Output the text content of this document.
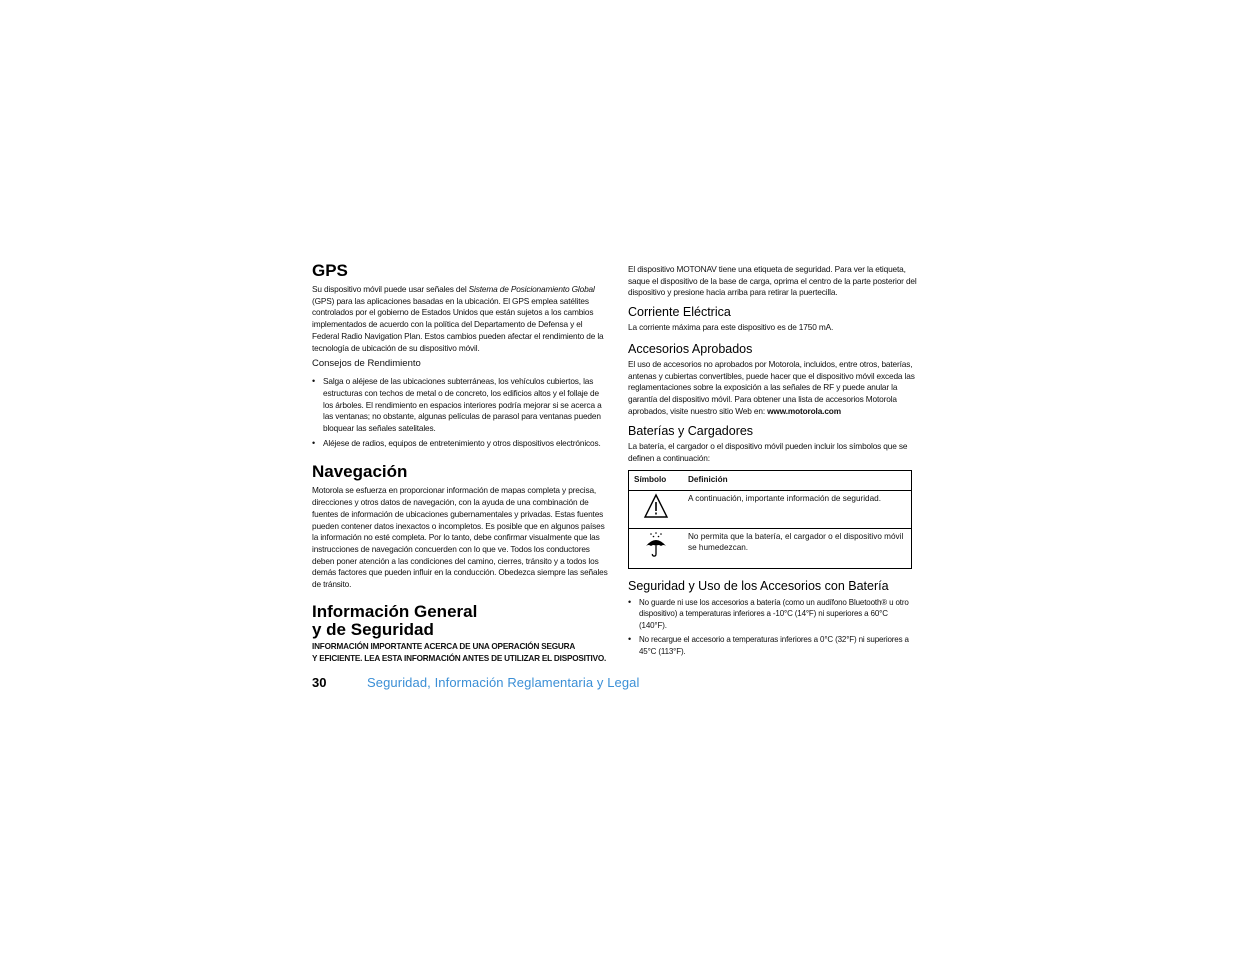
GPS

Su dispositivo móvil puede usar señales del Sistema de Posicionamiento Global (GPS) para las aplicaciones basadas en la ubicación. El GPS emplea satélites controlados por el gobierno de Estados Unidos que están sujetos a los cambios implementados de acuerdo con la política del Departamento de Defensa y el Federal Radio Navigation Plan. Estos cambios pueden afectar el rendimiento de la tecnología de ubicación de su dispositivo móvil.

Consejos de Rendimiento
• Salga o aléjese de las ubicaciones subterráneas, los vehículos cubiertos, las estructuras con techos de metal o de concreto, los edificios altos y el follaje de los árboles. El rendimiento en espacios interiores podría mejorar si se acerca a las ventanas; no obstante, algunas películas de parasol para ventanas pueden bloquear las señales satelitales.
• Aléjese de radios, equipos de entretenimiento y otros dispositivos electrónicos.
Navegación

Motorola se esfuerza en proporcionar información de mapas completa y precisa, direcciones y otros datos de navegación, con la ayuda de una combinación de fuentes de información de ubicaciones gubernamentales y privadas. Estas fuentes pueden contener datos inexactos o incompletos. Es posible que en algunos países la información no esté completa. Por lo tanto, debe confirmar visualmente que las instrucciones de navegación concuerden con lo que ve. Todos los conductores deben poner atención a las condiciones del camino, cierres, tránsito y a todos los demás factores que pueden influir en la conducción. Obedezca siempre las señales de tránsito.

Información General
y de Seguridad
INFORMACIÓN IMPORTANTE ACERCA DE UNA OPERACIÓN SEGURA
Y EFICIENTE. LEA ESTA INFORMACIÓN ANTES DE UTILIZAR EL DISPOSITIVO.

El dispositivo MOTONAV tiene una etiqueta de seguridad. Para ver la etiqueta, saque el dispositivo de la base de carga, oprima el centro de la parte posterior del dispositivo y presione hacia arriba para retirar la puertecilla.

Corriente Eléctrica

La corriente máxima para este dispositivo es de 1750 mA.

Accesorios Aprobados

El uso de accesorios no aprobados por Motorola, incluidos, entre otros, baterías, antenas y cubiertas convertibles, puede hacer que el dispositivo móvil exceda las reglamentaciones sobre la exposición a las señales de RF y puede anular la garantía del dispositivo móvil. Para obtener una lista de accesorios Motorola aprobados, visite nuestro sitio Web en: www.motorola.com

Baterías y Cargadores

La batería, el cargador o el dispositivo móvil pueden incluir los símbolos que se definen a continuación:

Símbolo	Definición
	A continuación, importante información de seguridad.
	No permita que la batería, el cargador o el dispositivo móvil se humedezcan.
Seguridad y Uso de los Accesorios con Batería
• No guarde ni use los accesorios a batería (como un audífono Bluetooth® u otro dispositivo) a temperaturas inferiores a -10°C (14°F) ni superiores a 60°C (140°F).
• No recargue el accesorio a temperaturas inferiores a 0°C (32°F) ni superiores a 45°C (113°F).
30	Seguridad, Información Reglamentaria y Legal
